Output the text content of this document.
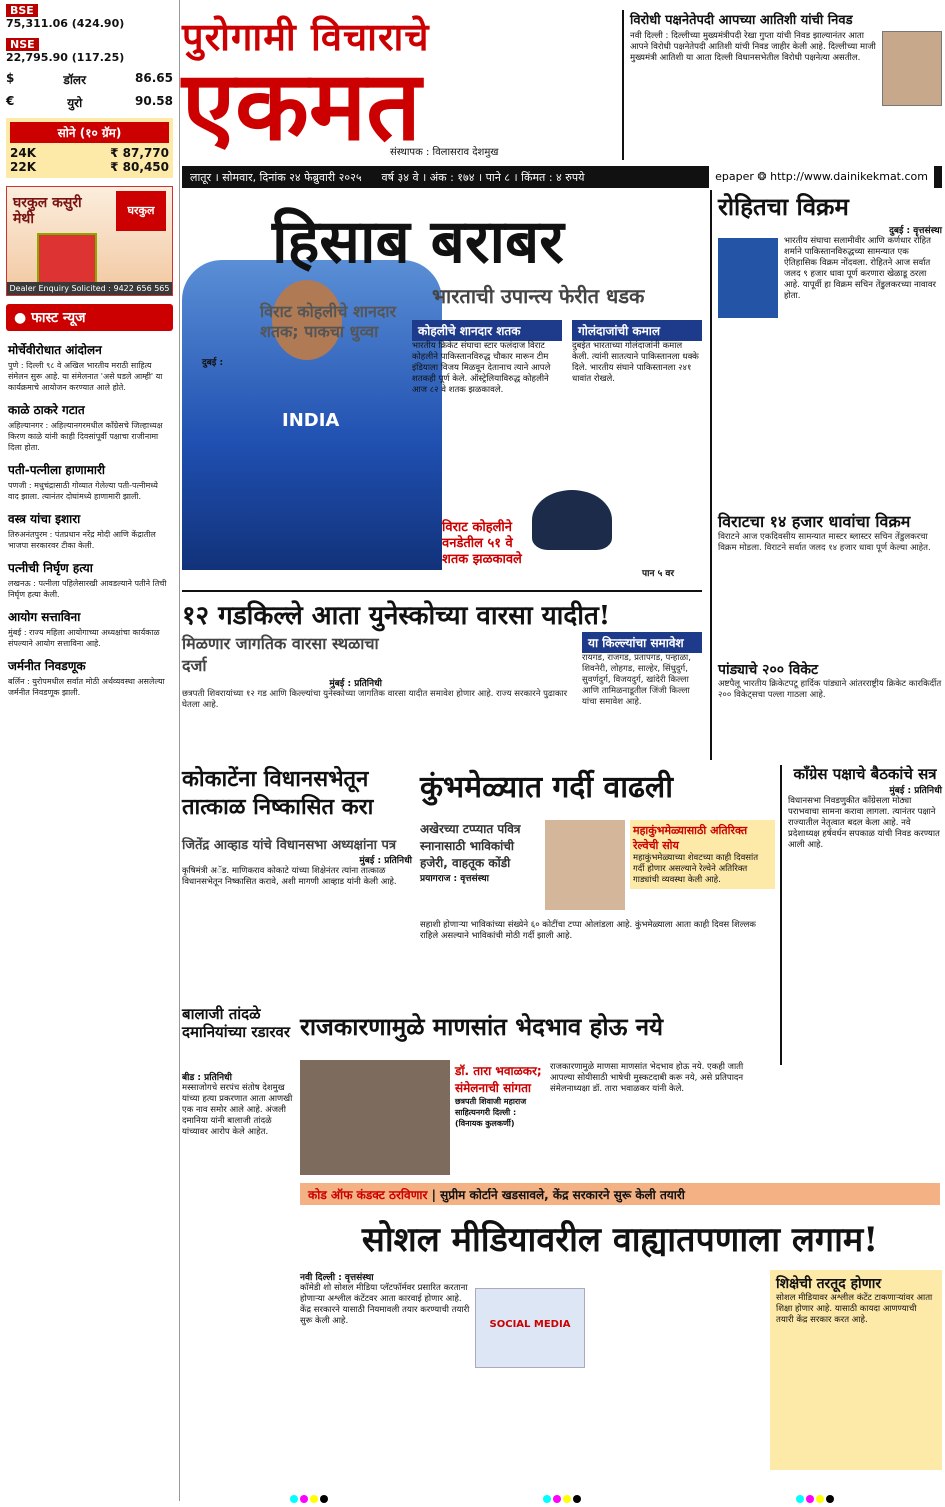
BSE
75,311.06 (424.90)
NSE
22,795.90 (117.25)
$	डॉलर	86.65
€	युरो	90.58
सोने (१० ग्रॅम)
24K	₹ 87,770
22K	₹ 80,450
घरकुल कसुरी मेथी
घरकुल
Dealer Enquiry Solicited : 9422 656 565
● फास्ट न्यूज
मोर्चेवीरोधात आंदोलन

पुणे : दिल्ली ९८ वे अखिल भारतीय मराठी साहित्य संमेलन सुरू आहे. या संमेलनात 'असे घडले आम्ही' या कार्यक्रमाचे आयोजन करण्यात आले होते.

काळे ठाकरे गटात

अहिल्यानगर : अहिल्यानगरमधील काँग्रेसचे जिल्हाध्यक्ष किरण काळे यांनी काही दिवसांपूर्वी पक्षाचा राजीनामा दिला होता.

पती-पत्नीला हाणामारी

पणजी : मधुचंद्रासाठी गोव्यात गेलेल्या पती-पत्नीमध्ये वाद झाला. त्यानंतर दोघांमध्ये हाणामारी झाली.

वस्त्र यांचा इशारा

तिरुअनंतपुरम : पंतप्रधान नरेंद्र मोदी आणि केंद्रातील भाजपा सरकारवर टीका केली.

पत्नीची निर्घृण हत्या

लखनऊ : पत्नीला पहिलेसारखी आवडल्याने पतीने तिची निर्घृण हत्या केली.

आयोग सत्ताविना

मुंबई : राज्य महिला आयोगाच्या अध्यक्षांचा कार्यकाळ संपल्याने आयोग सत्ताविना आहे.

जर्मनीत निवडणूक

बर्लिन : युरोपमधील सर्वात मोठी अर्थव्यवस्था असलेल्या जर्मनीत निवडणूक झाली.

पुरोगामी विचाराचे
एकमत
संस्थापक : विलासराव देशमुख
विरोधी पक्षनेतेपदी आपच्या आतिशी यांची निवड

नवी दिल्ली : दिल्लीच्या मुख्यमंत्रीपदी रेखा गुप्ता यांची निवड झाल्यानंतर आता आपने विरोधी पक्षनेतेपदी आतिशी यांची निवड जाहीर केली आहे. दिल्लीच्या माजी मुख्यमंत्री आतिशी या आता दिल्ली विधानसभेतील विरोधी पक्षनेत्या असतील.

लातूर । सोमवार, दिनांक २४ फेब्रुवारी २०२५ वर्ष ३४ वे । अंक : १७४ । पाने ८ । किंमत : ४ रुपये	epaper ❂ http://www.dainikekmat.com
INDIA
हिसाब बराबर
भारताची उपान्त्य फेरीत धडक
विराट कोहलीचे शानदार शतक; पाकचा धुव्वा	कोहलीचे शानदार शतक

भारतीय क्रिकेट संघाचा स्टार फलंदाज विराट कोहलीने पाकिस्तानविरुद्ध चौकार मारून टीम इंडियाला विजय मिळवून देतानाच त्याने आपले शतकही पूर्ण केले. ऑस्ट्रेलियाविरुद्ध कोहलीने आज ८२ वे शतक झळकावले.

गोलंदाजांची कमाल

दुबईत भारताच्या गोलंदाजांनी कमाल केली. त्यांनी सातत्याने पाकिस्तानला धक्के दिले. भारतीय संघाने पाकिस्तानला २४१ धावांत रोखले.

दुबई :
विराट कोहलीने वनडेतील ५१ वे शतक झळकावले
पान ५ वर
रोहितचा विक्रम
दुबई : वृत्तसंस्था

भारतीय संघाचा सलामीवीर आणि कर्णधार रोहित शर्माने पाकिस्तानविरुद्धच्या सामन्यात एक ऐतिहासिक विक्रम नोंदवला. रोहितने आज सर्वात जलद ९ हजार धावा पूर्ण करणारा खेळाडू ठरला आहे. यापूर्वी हा विक्रम सचिन तेंडुलकरच्या नावावर होता.

विराटचा १४ हजार धावांचा विक्रम

विराटने आज एकदिवसीय सामन्यात मास्टर ब्लास्टर सचिन तेंडुलकरचा विक्रम मोडला. विराटने सर्वात जलद १४ हजार धावा पूर्ण केल्या आहेत.

पांड्याचे २०० विकेट

अष्टपैलू भारतीय क्रिकेटपटू हार्दिक पांड्याने आंतरराष्ट्रीय क्रिकेट कारकिर्दीत २०० विकेट्सचा पल्ला गाठला आहे.

१२ गडकिल्ले आता युनेस्कोच्या वारसा यादीत!
मिळणार जागतिक वारसा स्थळाचा दर्जा
मुंबई : प्रतिनिधी

छत्रपती शिवरायांच्या १२ गड आणि किल्ल्यांचा युनेस्कोच्या जागतिक वारसा यादीत समावेश होणार आहे. राज्य सरकारने पुढाकार घेतला आहे.

या किल्ल्यांचा समावेश

रायगड, राजगड, प्रतापगड, पन्हाळा, शिवनेरी, लोहगड, साल्हेर, सिंधुदुर्ग, सुवर्णदुर्ग, विजयदुर्ग, खांदेरी किल्ला आणि तामिळनाडूतील जिंजी किल्ला यांचा समावेश आहे.

कोकाटेंना विधानसभेतून तात्काळ निष्कासित करा
जितेंद्र आव्हाड यांचे विधानसभा अध्यक्षांना पत्र
मुंबई : प्रतिनिधी

कृषिमंत्री अॅड. माणिकराव कोकाटे यांच्या शिक्षेनंतर त्यांना तात्काळ विधानसभेतून निष्कासित करावे, अशी मागणी आव्हाड यांनी केली आहे.

कुंभमेळ्यात गर्दी वाढली
अखेरच्या टप्प्यात पवित्र स्नानासाठी भाविकांची हजेरी, वाहतूक कोंडी
प्रयागराज : वृत्तसंस्था
महाकुंभमेळ्यासाठी अतिरिक्त रेल्वेची सोय

महाकुंभमेळ्याच्या शेवटच्या काही दिवसांत गर्दी होणार असल्याने रेल्वेने अतिरिक्त गाड्यांची व्यवस्था केली आहे.

सहाशी होणाऱ्या भाविकांच्या संख्येने ६० कोटींचा टप्पा ओलांडला आहे. कुंभमेळ्याला आता काही दिवस शिल्लक राहिले असल्याने भाविकांची मोठी गर्दी झाली आहे.

काँग्रेस पक्षाचे बैठकांचे सत्र
मुंबई : प्रतिनिधी

विधानसभा निवडणुकीत काँग्रेसला मोठ्या पराभवाचा सामना करावा लागला. त्यानंतर पक्षाने राज्यातील नेतृत्वात बदल केला आहे. नवे प्रदेशाध्यक्ष हर्षवर्धन सपकाळ यांची निवड करण्यात आली आहे.

बालाजी तांदळे दमानियांच्या रडारवर
बीड : प्रतिनिधी

मस्साजोगचे सरपंच संतोष देशमुख यांच्या हत्या प्रकरणात आता आणखी एक नाव समोर आले आहे. अंजली दमानिया यांनी बालाजी तांदळे यांच्यावर आरोप केले आहेत.

राजकारणामुळे माणसांत भेदभाव होऊ नये
डॉ. तारा भवाळकर; संमेलनाची सांगता
छत्रपती शिवाजी महाराज साहित्यनगरी दिल्ली : (विनायक कुलकर्णी)

राजकारणामुळे माणसा माणसांत भेदभाव होऊ नये. एकही जाती आपल्या सोयीसाठी भाषेची मुस्कटदाबी करू नये, असे प्रतिपादन संमेलनाध्यक्षा डॉ. तारा भवाळकर यांनी केले.

कोड ऑफ कंडक्ट ठरविणार | सुप्रीम कोर्टाने खडसावले, केंद्र सरकारने सुरू केली तयारी
सोशल मीडियावरील वाह्यातपणाला लगाम!
नवी दिल्ली : वृत्तसंस्था
SOCIAL MEDIA

कॉमेडी शो सोशल मीडिया प्लॅटफॉर्मवर प्रसारित करताना होणाऱ्या अश्लील कंटेंटवर आता कारवाई होणार आहे. केंद्र सरकारने यासाठी नियमावली तयार करण्याची तयारी सुरू केली आहे.

शिक्षेची तरतूद होणार

सोशल मीडियावर अश्लील कंटेंट टाकणाऱ्यांवर आता शिक्षा होणार आहे. यासाठी कायदा आणण्याची तयारी केंद्र सरकार करत आहे.
